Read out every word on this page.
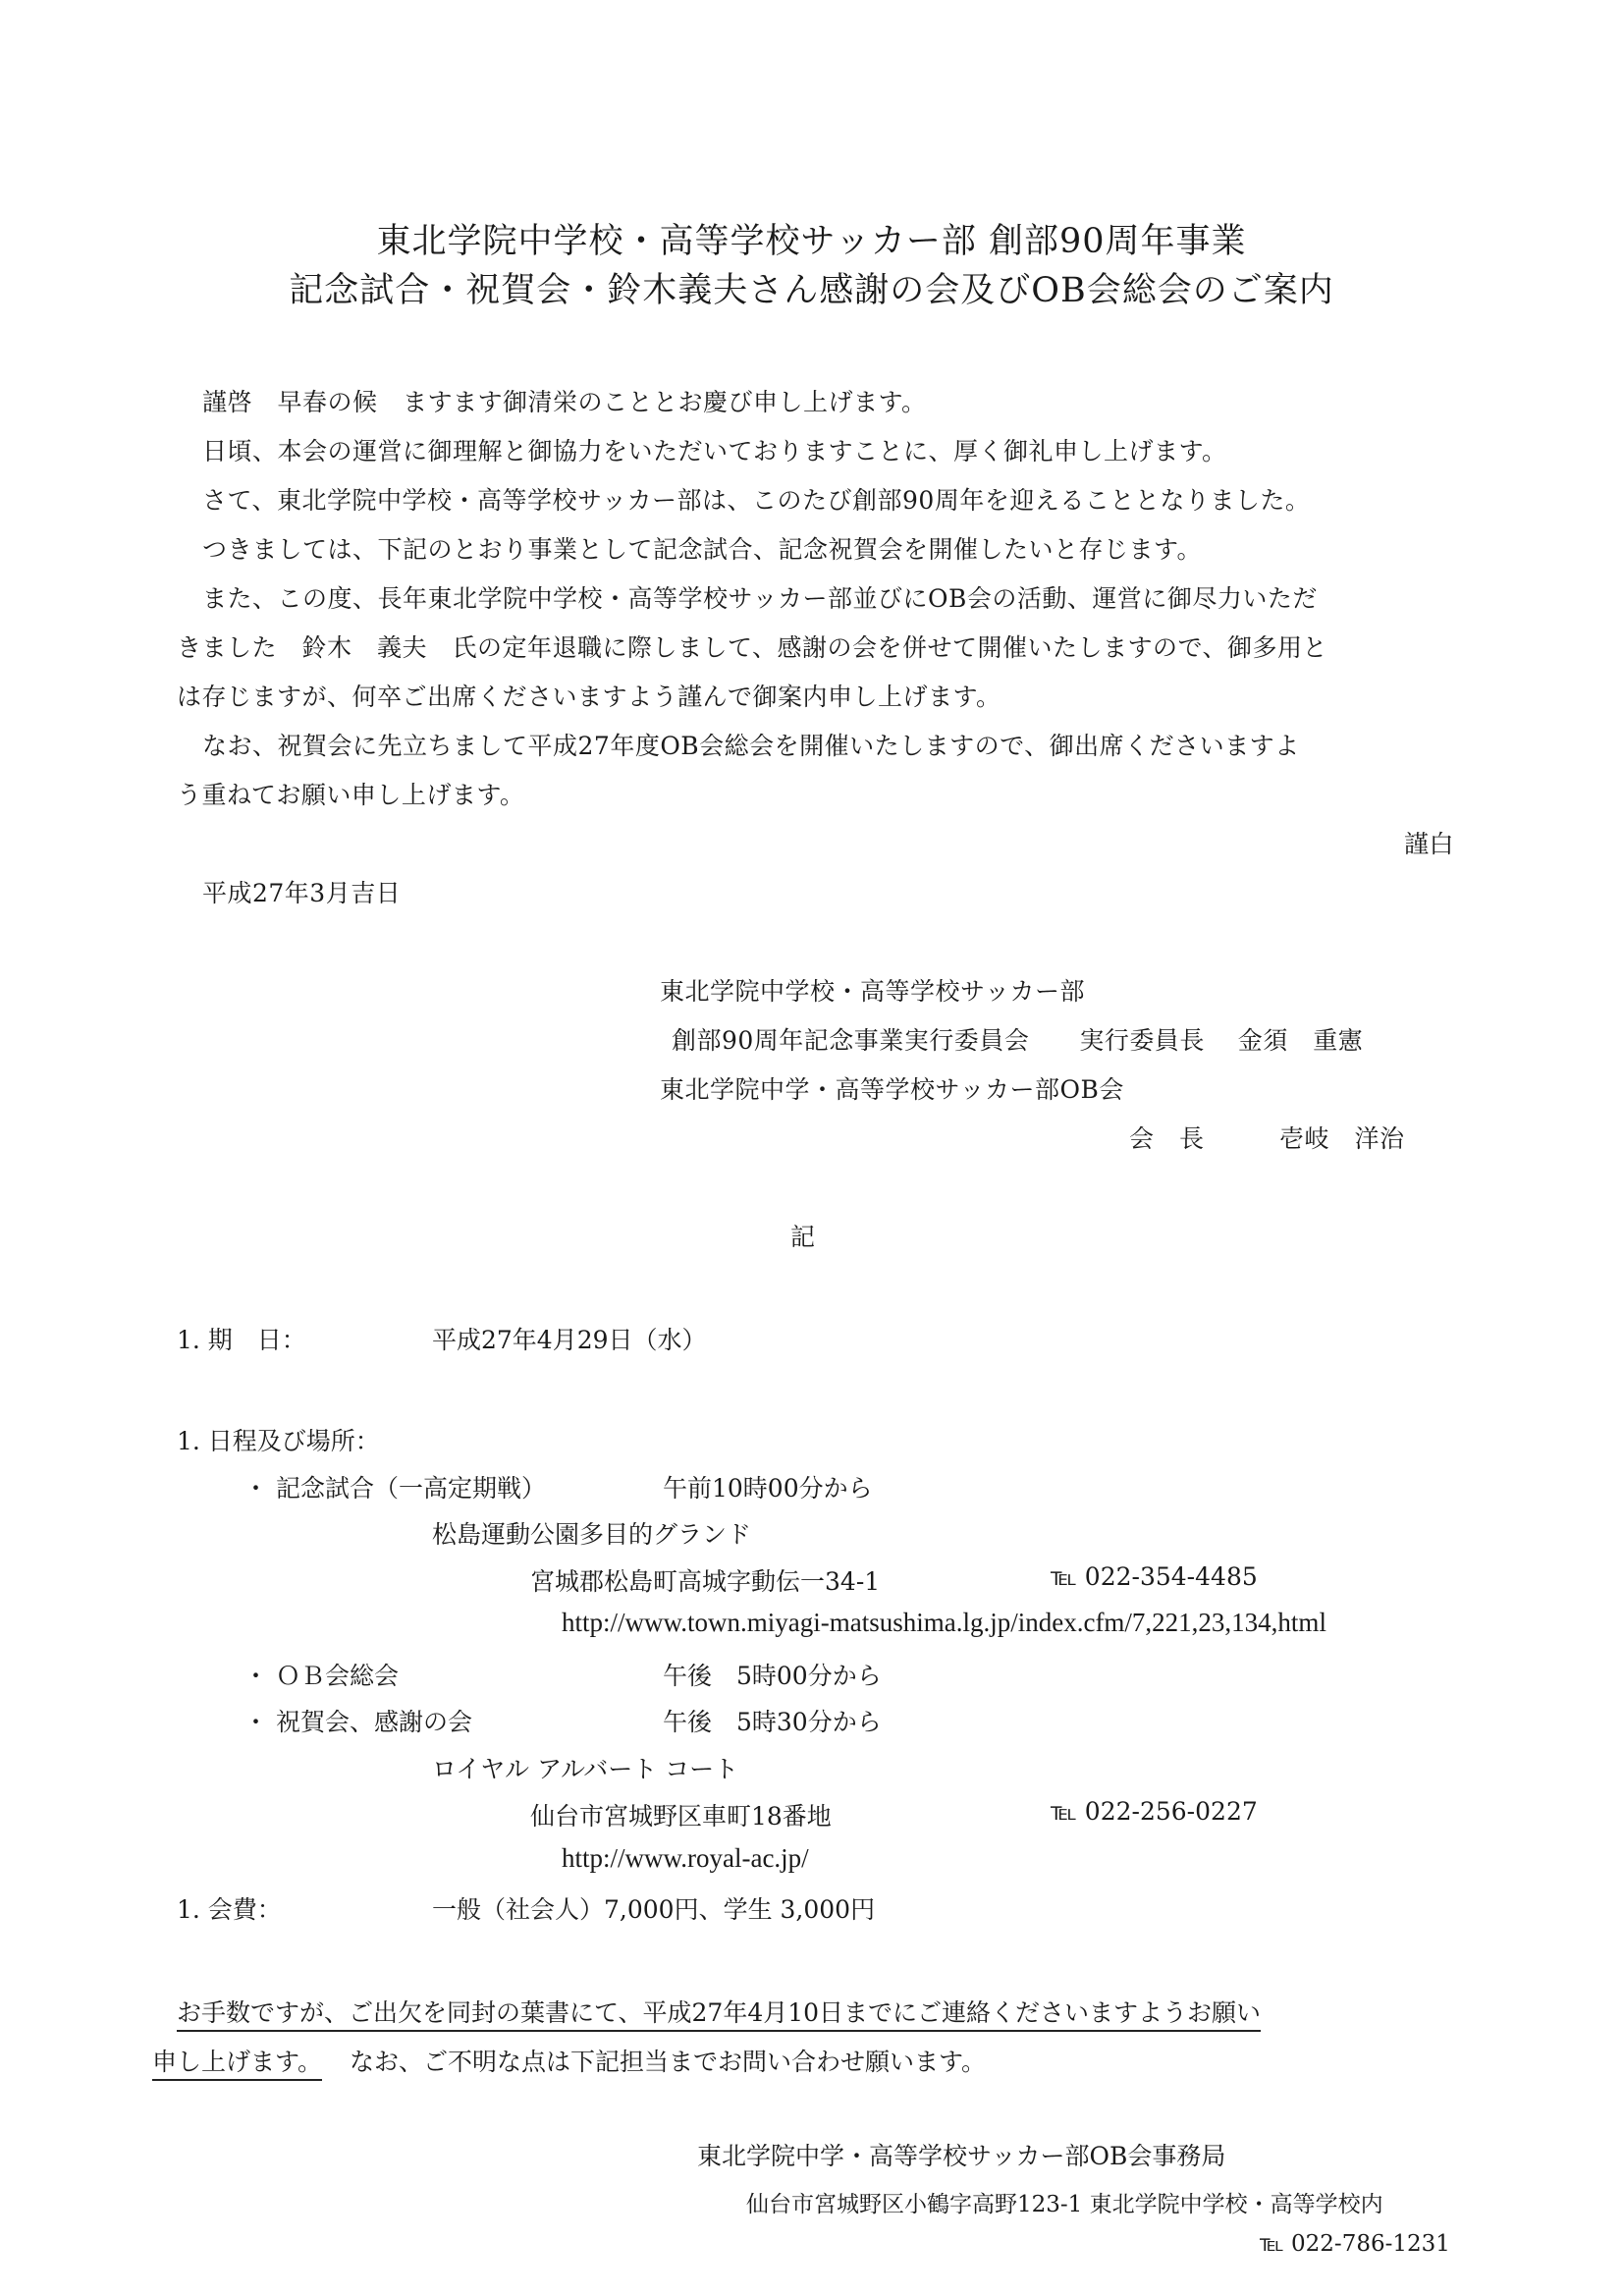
東北学院中学校・高等学校サッカー部 創部90周年事業

記念試合・祝賀会・鈴木義夫さん感謝の会及びOB会総会のご案内

謹啓　早春の候　ますます御清栄のこととお慶び申し上げます。

日頃、本会の運営に御理解と御協力をいただいておりますことに、厚く御礼申し上げます。

さて、東北学院中学校・高等学校サッカー部は、このたび創部90周年を迎えることとなりました。

つきましては、下記のとおり事業として記念試合、記念祝賀会を開催したいと存じます。

また、この度、長年東北学院中学校・高等学校サッカー部並びにOB会の活動、運営に御尽力いただ

きました　鈴木　義夫　氏の定年退職に際しまして、感謝の会を併せて開催いたしますので、御多用と

は存じますが、何卒ご出席くださいますよう謹んで御案内申し上げます。

なお、祝賀会に先立ちまして平成27年度OB会総会を開催いたしますので、御出席くださいますよ

う重ねてお願い申し上げます。

謹白

平成27年3月吉日

東北学院中学校・高等学校サッカー部

創部90周年記念事業実行委員会　　実行委員長　 金須　重憲

東北学院中学・高等学校サッカー部OB会

会　長　　　壱岐　洋治

記

1. 期　日：	平成27年4月29日（水）

1. 日程及び場所：

・ 記念試合（一高定期戦）	午前10時00分から

松島運動公園多目的グランド

宮城郡松島町高城字動伝一34-1	℡ 022-354-4485

http://www.town.miyagi-matsushima.lg.jp/index.cfm/7,221,23,134,html

・ ＯＢ会総会	午後　5時00分から

・ 祝賀会、感謝の会	午後　5時30分から

ロイヤル アルバート コート

仙台市宮城野区車町18番地	℡ 022-256-0227

http://www.royal-ac.jp/

1. 会費：	一般（社会人）7,000円、学生 3,000円

お手数ですが、ご出欠を同封の葉書にて、平成27年4月10日までにご連絡くださいますようお願い

申し上げます。 なお、ご不明な点は下記担当までお問い合わせ願います。

東北学院中学・高等学校サッカー部OB会事務局

仙台市宮城野区小鶴字高野123-1 東北学院中学校・高等学校内

℡ 022-786-1231
